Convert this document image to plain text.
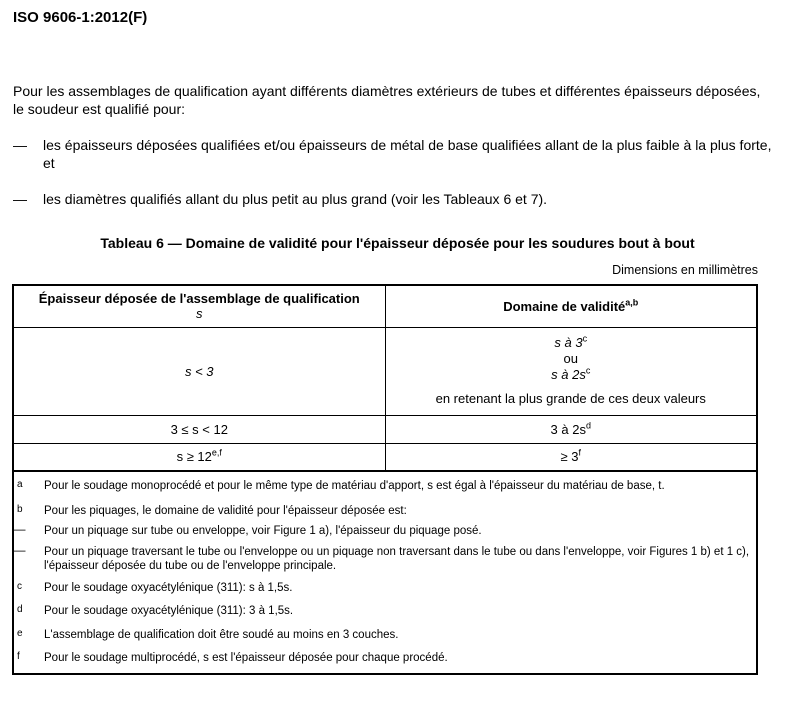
ISO 9606-1:2012(F)
Pour les assemblages de qualification ayant différents diamètres extérieurs de tubes et différentes épaisseurs déposées, le soudeur est qualifié pour:
—	les épaisseurs déposées qualifiées et/ou épaisseurs de métal de base qualifiées allant de la plus faible à la plus forte, et
—	les diamètres qualifiés allant du plus petit au plus grand (voir les Tableaux 6 et 7).
Tableau 6 — Domaine de validité pour l'épaisseur déposée pour les soudures bout à bout
Dimensions en millimètres
Épaisseur déposée de l'assemblage de qualification
s	Domaine de validité$^{a,b}$
s < 3	s à 3$^c$
ou
s à $2s^c$
en retenant la plus grande de ces deux valeurs

3 ≤ s < 12	3 à $2s^d$
$s \ge 12^{e,f}$	≥ $3^f$
a	Pour le soudage monoprocédé et pour le même type de matériau d'apport, s est égal à l'épaisseur du matériau de base, t.
b	Pour les piquages, le domaine de validité pour l'épaisseur déposée est:
—	Pour un piquage sur tube ou enveloppe, voir Figure 1 a), l'épaisseur du piquage posé.
—	Pour un piquage traversant le tube ou l'enveloppe ou un piquage non traversant dans le tube ou dans l'enveloppe, voir Figures 1 b) et 1 c), l'épaisseur déposée du tube ou de l'enveloppe principale.
c	Pour le soudage oxyacétylénique (311): s à 1,5s.
d	Pour le soudage oxyacétylénique (311): 3 à 1,5s.
e	L'assemblage de qualification doit être soudé au moins en 3 couches.
f	Pour le soudage multiprocédé, s est l'épaisseur déposée pour chaque procédé.
